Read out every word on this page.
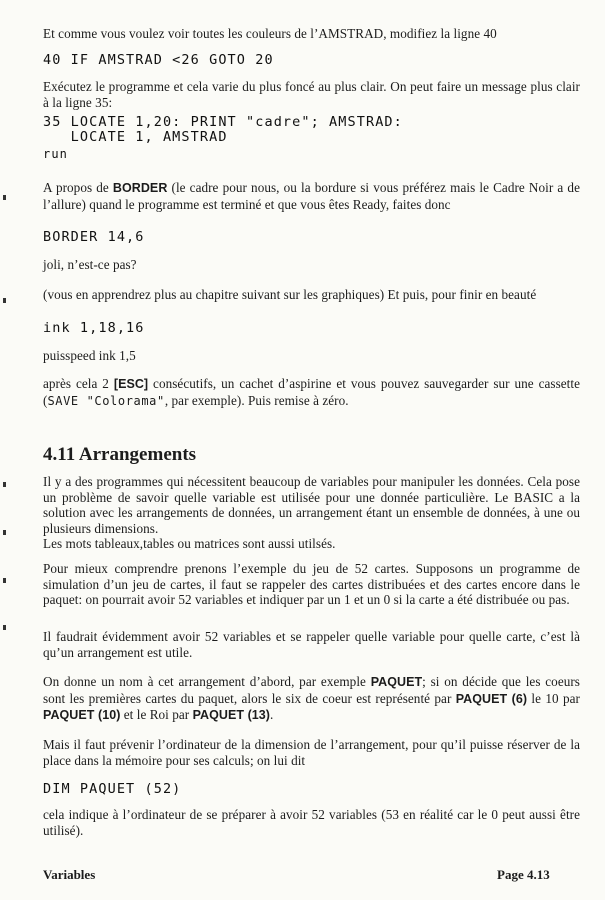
Et comme vous voulez voir toutes les couleurs de l’AMSTRAD, modifiez la ligne 40

40 IF AMSTRAD <26 GOTO 20

Exécutez le programme et cela varie du plus foncé au plus clair. On peut faire un message plus clair à la ligne 35:

35 LOCATE 1,20: PRINT "cadre"; AMSTRAD:

LOCATE 1, AMSTRAD

run

A propos de BORDER (le cadre pour nous, ou la bordure si vous préférez mais le Cadre Noir a de l’allure) quand le programme est terminé et que vous êtes Ready, faites donc

BORDER 14,6

joli, n’est-ce pas?

(vous en apprendrez plus au chapitre suivant sur les graphiques) Et puis, pour finir en beauté

ink 1,18,16

puisspeed ink 1,5

après cela 2 [ESC] consécutifs, un cachet d’aspirine et vous pouvez sauvegarder sur une cassette (SAVE "Colorama", par exemple). Puis remise à zéro.

4.11 Arrangements

Il y a des programmes qui nécessitent beaucoup de variables pour manipuler les données. Cela pose un problème de savoir quelle variable est utilisée pour une donnée particulière. Le BASIC a la solution avec les arrangements de données, un arrangement étant un ensemble de données, à une ou plusieurs dimensions.

Les mots tableaux,tables ou matrices sont aussi utilsés.

Pour mieux comprendre prenons l’exemple du jeu de 52 cartes. Supposons un programme de simulation d’un jeu de cartes, il faut se rappeler des cartes distribuées et des cartes encore dans le paquet: on pourrait avoir 52 variables et indiquer par un 1 et un 0 si la carte a été distribuée ou pas.

Il faudrait évidemment avoir 52 variables et se rappeler quelle variable pour quelle carte, c’est là qu’un arrangement est utile.

On donne un nom à cet arrangement d’abord, par exemple PAQUET; si on décide que les coeurs sont les premières cartes du paquet, alors le six de coeur est représenté par PAQUET (6) le 10 par PAQUET (10) et le Roi par PAQUET (13).

Mais il faut prévenir l’ordinateur de la dimension de l’arrangement, pour qu’il puisse réserver de la place dans la mémoire pour ses calculs; on lui dit

DIM PAQUET (52)

cela indique à l’ordinateur de se préparer à avoir 52 variables (53 en réalité car le 0 peut aussi être utilisé).

Variables	Page 4.13
